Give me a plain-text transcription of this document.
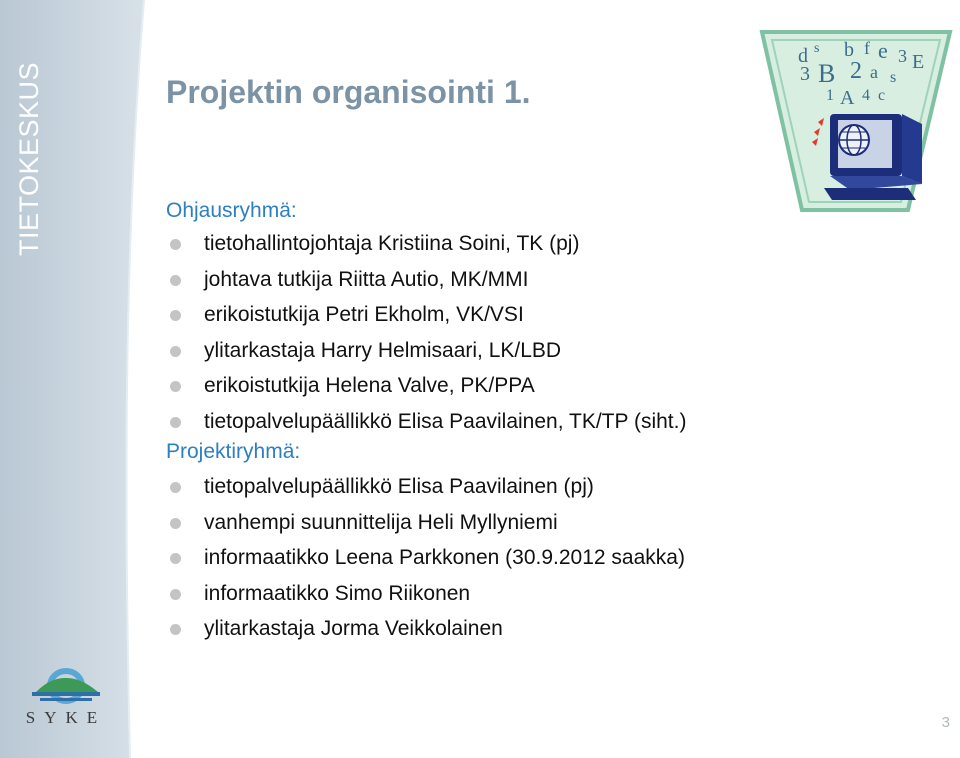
TIETOKESKUS	Projektin organisointi 1.

Ohjausryhmä:

tietohallintojohtaja Kristiina Soini, TK (pj)
johtava tutkija Riitta Autio, MK/MMI
erikoistutkija Petri Ekholm, VK/VSI
ylitarkastaja Harry Helmisaari, LK/LBD
erikoistutkija Helena Valve, PK/PPA
tietopalvelupäällikkö Elisa Paavilainen, TK/TP (siht.)

Projektiryhmä:

tietopalvelupäällikkö Elisa Paavilainen (pj)
vanhempi suunnittelija Heli Myllyniemi
informaatikko Leena Parkkonen (30.9.2012 saakka)
informaatikko Simo Riikonen
ylitarkastaja Jorma Veikkolainen
d s b f e 3 E
3 B 2 a s
1 A 4 c
SYKE	3
